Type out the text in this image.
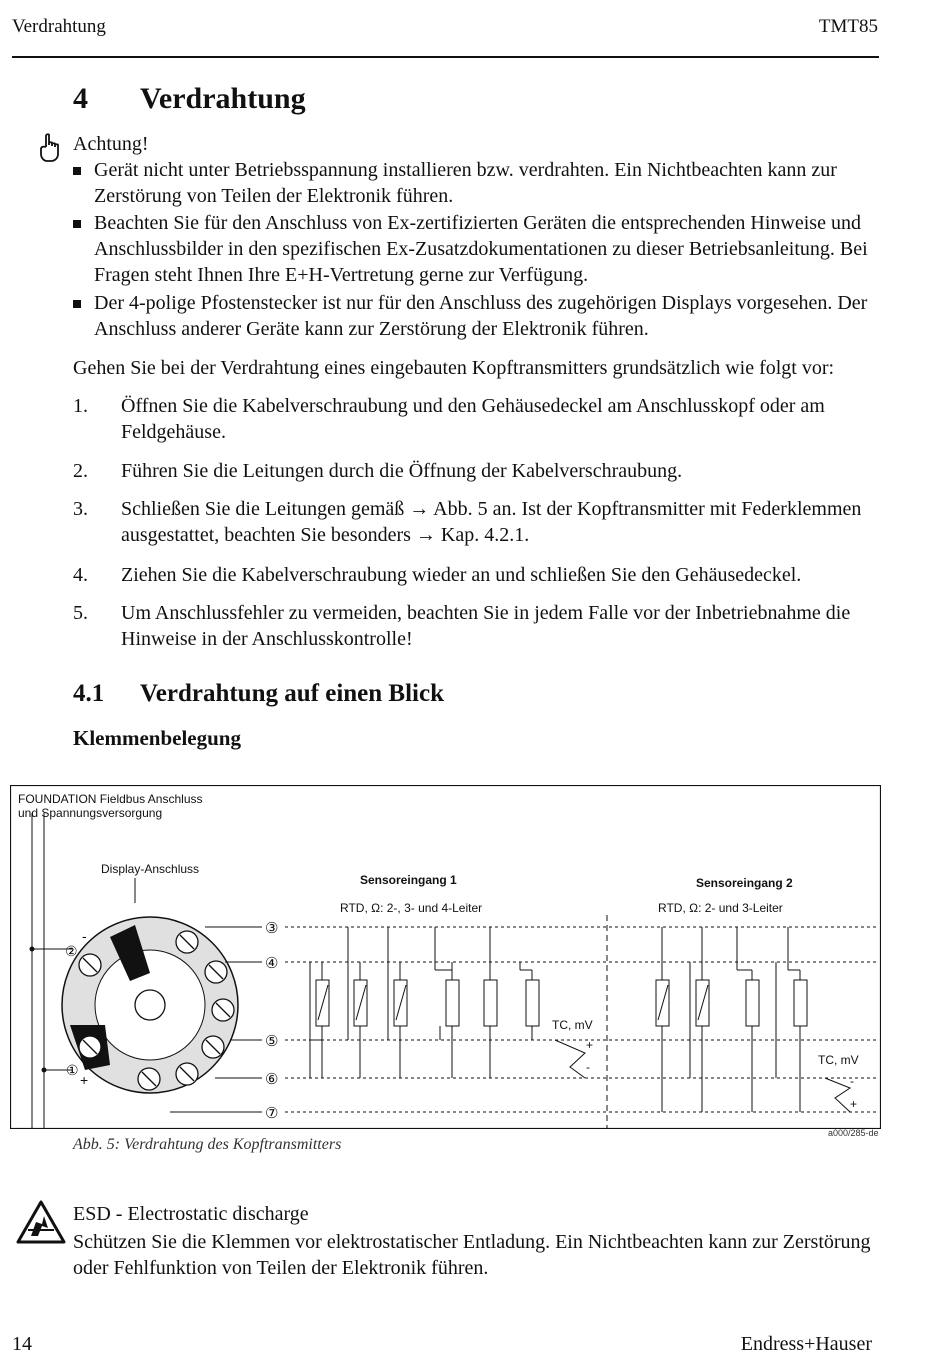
Verdrahtung	TMT85
4 Verdrahtung
Achtung!
Gerät nicht unter Betriebsspannung installieren bzw. verdrahten. Ein Nichtbeachten kann zur Zerstörung von Teilen der Elektronik führen.
Beachten Sie für den Anschluss von Ex-zertifizierten Geräten die entsprechenden Hinweise und Anschlussbilder in den spezifischen Ex-Zusatzdokumentationen zu dieser Betriebsanleitung. Bei Fragen steht Ihnen Ihre E+H-Vertretung gerne zur Verfügung.
Der 4-polige Pfostenstecker ist nur für den Anschluss des zugehörigen Displays vorgesehen. Der Anschluss anderer Geräte kann zur Zerstörung der Elektronik führen.
Gehen Sie bei der Verdrahtung eines eingebauten Kopftransmitters grundsätzlich wie folgt vor:
1. Öffnen Sie die Kabelverschraubung und den Gehäusedeckel am Anschlusskopf oder am Feldgehäuse.
2. Führen Sie die Leitungen durch die Öffnung der Kabelverschraubung.
3. Schließen Sie die Leitungen gemäß → Abb. 5 an. Ist der Kopftransmitter mit Federklemmen ausgestattet, beachten Sie besonders → Kap. 4.2.1.
4. Ziehen Sie die Kabelverschraubung wieder an und schließen Sie den Gehäusedeckel.
5. Um Anschlussfehler zu vermeiden, beachten Sie in jedem Falle vor der Inbetriebnahme die Hinweise in der Anschlusskontrolle!
4.1 Verdrahtung auf einen Blick
Klemmenbelegung
FOUNDATION Fieldbus Anschluss
und Spannungsversorgung
Display-Anschluss
②
-
①
+
③
④
⑤
⑥
⑦
Sensoreingang 1
RTD, Ω: 2-, 3- und 4-Leiter
TC, mV
+
-
Sensoreingang 2
RTD, Ω: 2- und 3-Leiter
TC, mV
-
+
a000/285-de
Abb. 5: Verdrahtung des Kopftransmitters
ESD - Electrostatic discharge
Schützen Sie die Klemmen vor elektrostatischer Entladung. Ein Nichtbeachten kann zur Zerstörung oder Fehlfunktion von Teilen der Elektronik führen.
14	Endress+Hauser
